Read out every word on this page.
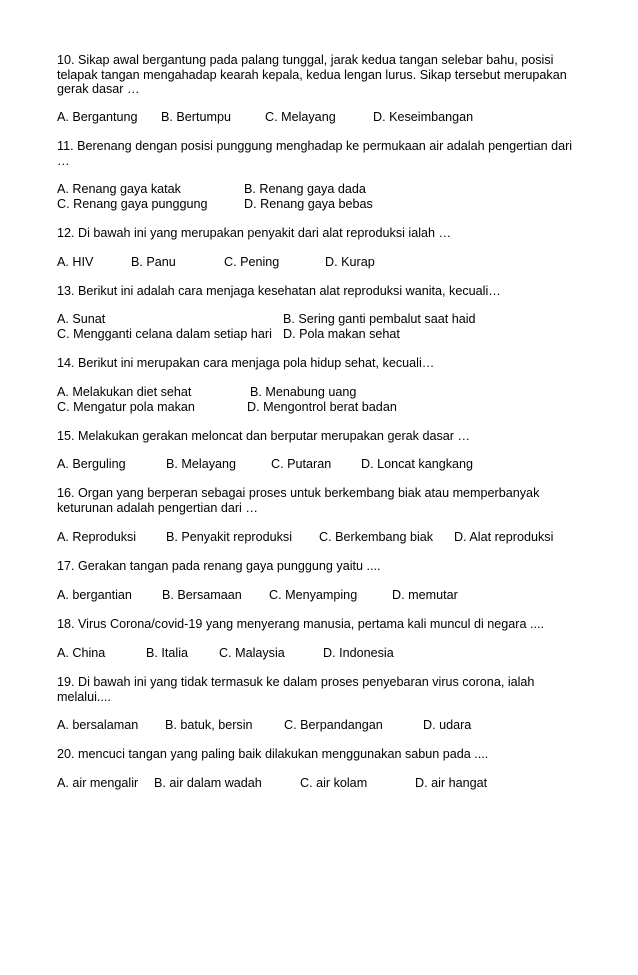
10. Sikap awal bergantung pada palang tunggal, jarak kedua tangan selebar bahu, posisi telapak tangan mengahadap kearah kepala, kedua lengan lurus. Sikap tersebut merupakan gerak dasar …
A. Bergantung B. Bertumpu	C. Melayang	D. Keseimbangan
11. Berenang dengan posisi punggung menghadap ke permukaan air adalah pengertian dari …
A. Renang gaya katak	B. Renang gaya dada
C. Renang gaya punggung	D. Renang gaya bebas
12. Di bawah ini yang merupakan penyakit dari alat reproduksi ialah …
A. HIV	B. Panu	C. Pening	D. Kurap
13. Berikut ini adalah cara menjaga kesehatan alat reproduksi wanita, kecuali…
A. Sunat	B. Sering ganti pembalut saat haid
C. Mengganti celana dalam setiap hari D. Pola makan sehat
14. Berikut ini merupakan cara menjaga pola hidup sehat, kecuali…
A. Melakukan diet sehat	B. Menabung uang
C. Mengatur pola makan	D. Mengontrol berat badan
15. Melakukan gerakan meloncat dan berputar merupakan gerak dasar …
A. Berguling	B. Melayang	C. Putaran D. Loncat kangkang
16. Organ yang berperan sebagai proses untuk berkembang biak atau memperbanyak keturunan adalah pengertian dari …
A. Reproduksi B. Penyakit reproduksi C. Berkembang biak D. Alat reproduksi
17. Gerakan tangan pada renang gaya punggung yaitu ....
A. bergantian B. Bersamaan C. Menyamping	D. memutar
18. Virus Corona/covid-19 yang menyerang manusia, pertama kali muncul di negara ....
A. China	B. Italia C. Malaysia	D. Indonesia
19. Di bawah ini yang tidak termasuk ke dalam proses penyebaran virus corona, ialah melalui....
A. bersalaman B. batuk, bersin C. Berpandangan	D. udara
20. mencuci tangan yang paling baik dilakukan menggunakan sabun pada ....
A. air mengalir B. air dalam wadah	C. air kolam	D. air hangat
